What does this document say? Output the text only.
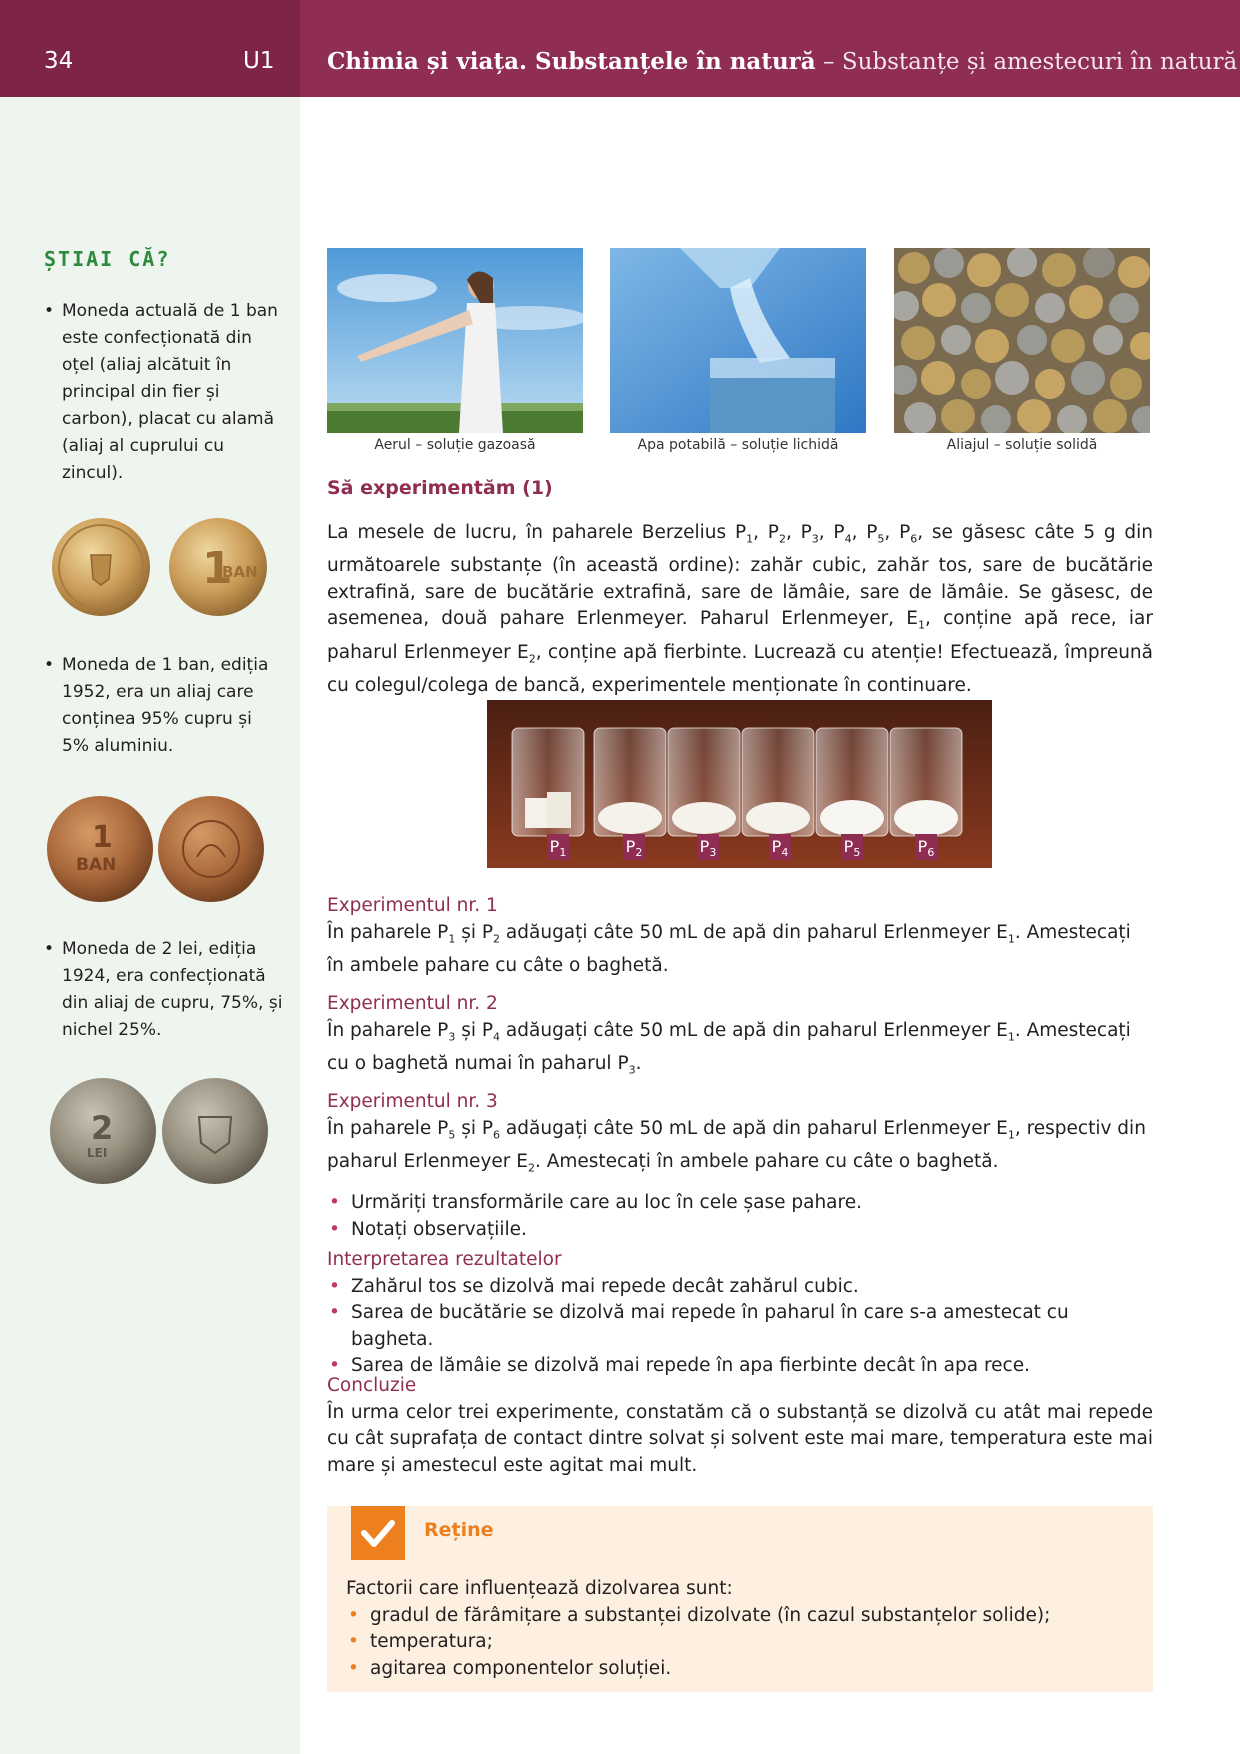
34	U1 Chimia și viața. Substanțele în natură – Substanțe și amestecuri în natură
ȘTIAI CĂ?
• Moneda actuală de 1 ban este confecționată din oțel (aliaj alcătuit în principal din fier și carbon), placat cu alamă (aliaj al cuprului cu zincul).
1
BAN
• Moneda de 1 ban, ediția 1952, era un aliaj care conținea 95% cupru și 5% aluminiu.
1
BAN
• Moneda de 2 lei, ediția 1924, era confecționată din aliaj de cupru, 75%, și nichel 25%.
2
LEI
Aerul – soluție gazoasă	Apa potabilă – soluție lichidă	Aliajul – soluție solidă
Să experimentăm (1)
La mesele de lucru, în paharele Berzelius $P_1$, $P_2$, $P_3$, $P_4$, $P_5$, $P_6$, se găsesc câte 5 g din următoarele substanțe (în această ordine): zahăr cubic, zahăr tos, sare de bucătărie extrafină, sare de bucătărie extrafină, sare de lămâie, sare de lămâie. Se găsesc, de asemenea, două pahare Erlenmeyer. Paharul Erlenmeyer, $E_1$, conține apă rece, iar paharul Erlenmeyer $E_2$, conține apă fierbinte. Lucrează cu atenție! Efectuează, împreună cu colegul/colega de bancă, experimentele menționate în continuare.
$P_1$	$P_2$	$P_3$	$P_4$	$P_5$	$P_6$
Experimentul nr. 1
În paharele $P_1$ și $P_2$ adăugați câte 50 mL de apă din paharul Erlenmeyer $E_1$. Amestecați în ambele pahare cu câte o baghetă.
Experimentul nr. 2
În paharele $P_3$ și $P_4$ adăugați câte 50 mL de apă din paharul Erlenmeyer $E_1$. Amestecați cu o baghetă numai în paharul $P_3$.
Experimentul nr. 3
În paharele $P_5$ și $P_6$ adăugați câte 50 mL de apă din paharul Erlenmeyer $E_1$, respectiv din paharul Erlenmeyer $E_2$. Amestecați în ambele pahare cu câte o baghetă.
• Urmăriți transformările care au loc în cele șase pahare.
• Notați observațiile.
Interpretarea rezultatelor
• Zahărul tos se dizolvă mai repede decât zahărul cubic.
• Sarea de bucătărie se dizolvă mai repede în paharul în care s-a amestecat cu bagheta.
• Sarea de lămâie se dizolvă mai repede în apa fierbinte decât în apa rece.
Concluzie
În urma celor trei experimente, constatăm că o substanță se dizolvă cu atât mai repede cu cât suprafața de contact dintre solvat și solvent este mai mare, temperatura este mai mare și amestecul este agitat mai mult.
Reține
Factorii care influențează dizolvarea sunt:
• gradul de fărâmițare a substanței dizolvate (în cazul substanțelor solide);
• temperatura;
• agitarea componentelor soluției.
